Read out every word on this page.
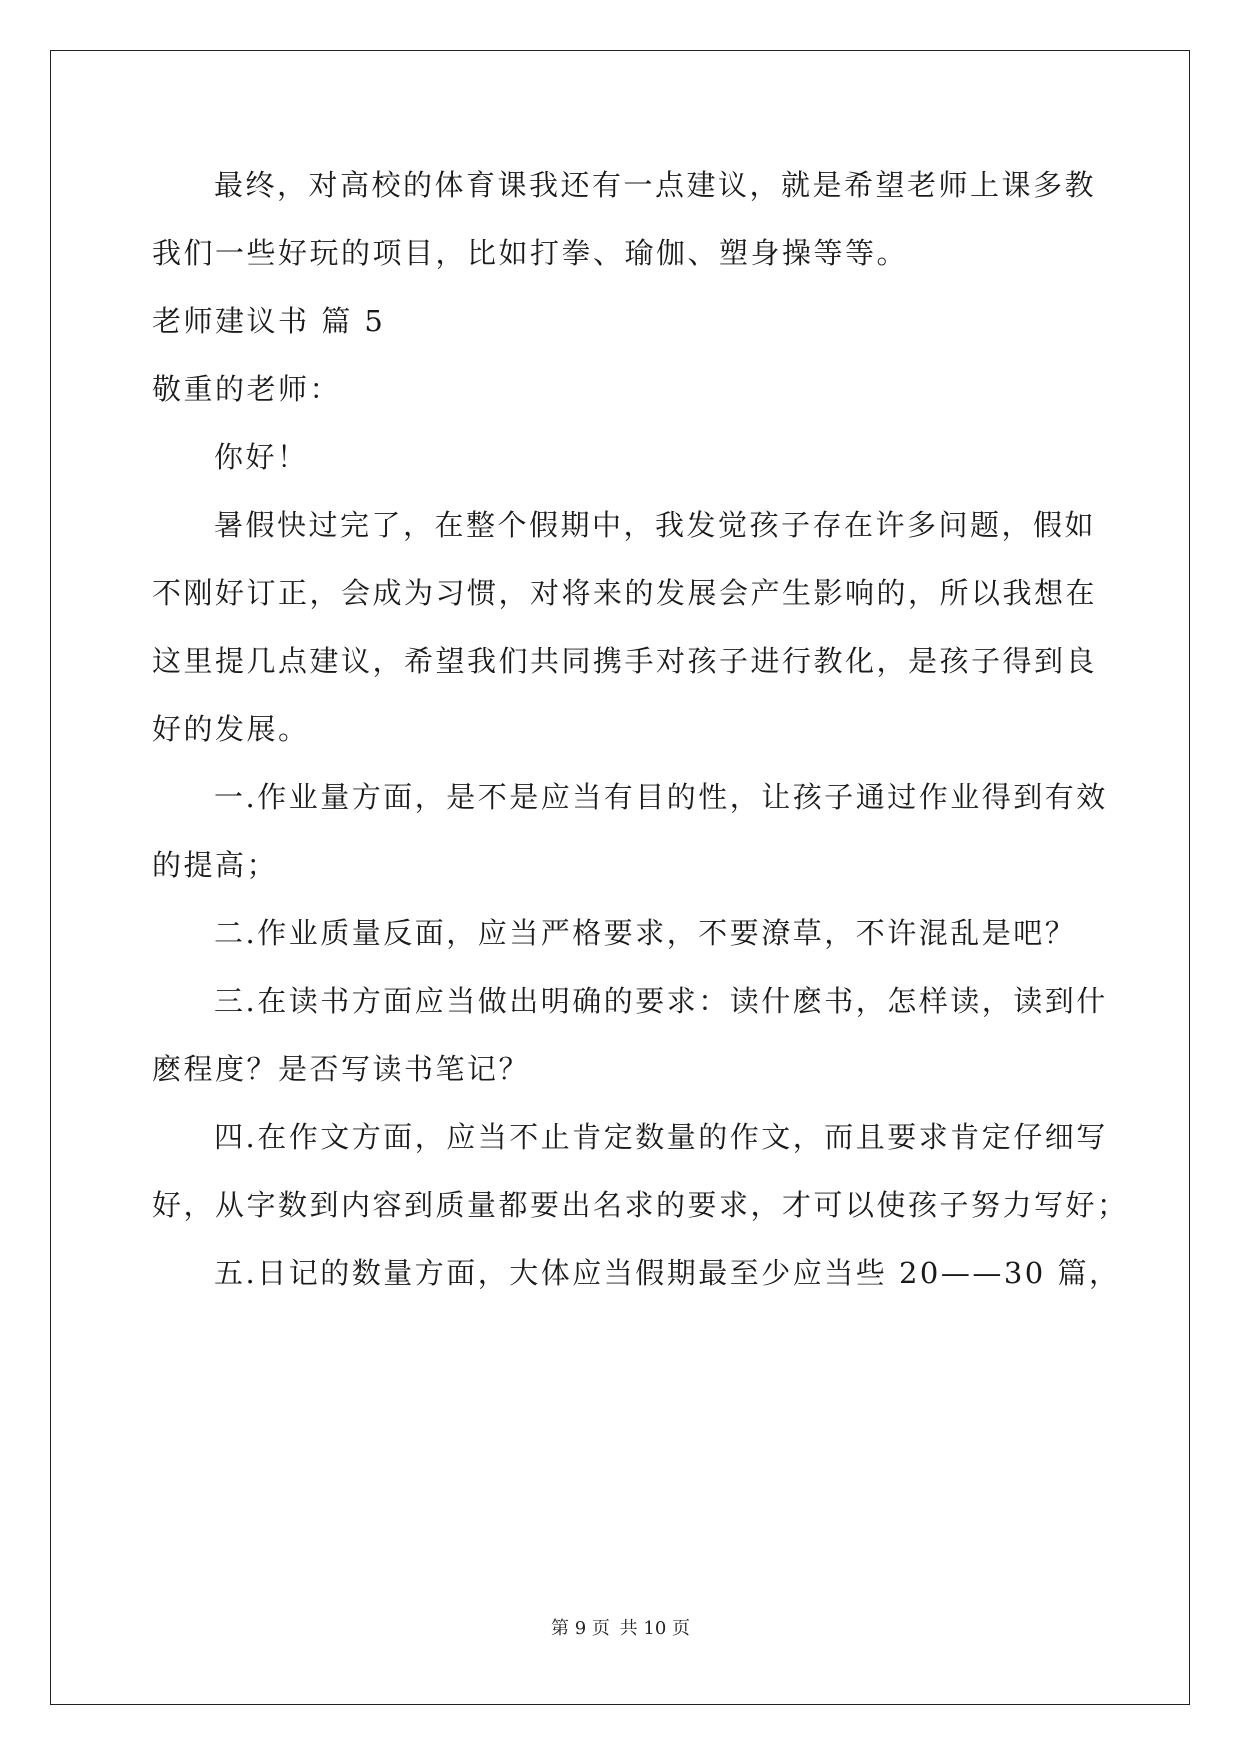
最终，对高校的体育课我还有一点建议，就是希望老师上课多教
我们一些好玩的项目，比如打拳、瑜伽、塑身操等等。
老师建议书 篇 5
敬重的老师：
你好！
暑假快过完了，在整个假期中，我发觉孩子存在许多问题，假如
不刚好订正，会成为习惯，对将来的发展会产生影响的，所以我想在
这里提几点建议，希望我们共同携手对孩子进行教化，是孩子得到良
好的发展。
一.作业量方面，是不是应当有目的性，让孩子通过作业得到有效
的提高；
二.作业质量反面，应当严格要求，不要潦草，不许混乱是吧？
三.在读书方面应当做出明确的要求：读什麽书，怎样读，读到什
麽程度？是否写读书笔记？
四.在作文方面，应当不止肯定数量的作文，而且要求肯定仔细写
好，从字数到内容到质量都要出名求的要求，才可以使孩子努力写好；
五.日记的数量方面，大体应当假期最至少应当些 20——30 篇，
第 9 页 共 10 页
